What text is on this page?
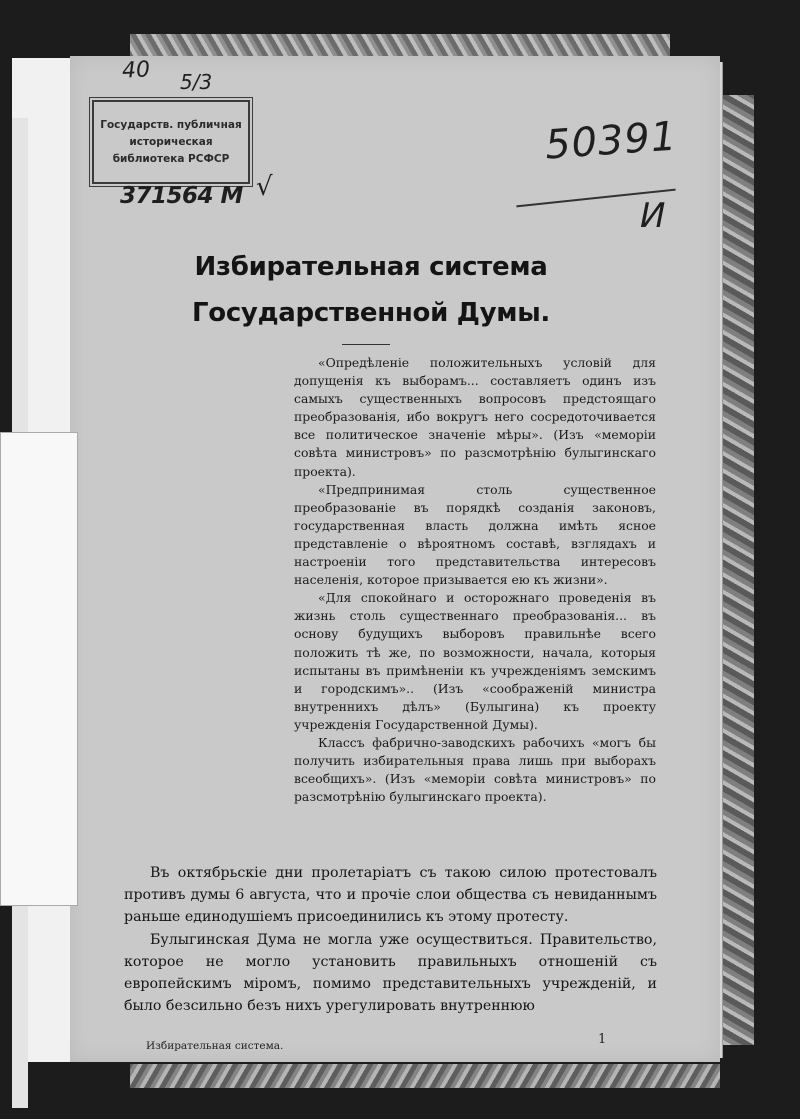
40 5/3
Государств. публичная
историческая
библиотека РСФСР	50391
И
371564 М √
Избирательная система Государственной Думы.

«Опредѣленіе положительныхъ условій для допущенія къ выборамъ... составляетъ одинъ изъ самыхъ существенныхъ вопросовъ предстоящаго преобразованія, ибо вокругъ него сосредоточивается все политическое значеніе мѣры». (Изъ «меморіи совѣта министровъ» по разсмотрѣнію булыгинскаго проекта).

«Предпринимая столь существенное преобразованіе въ порядкѣ созданія законовъ, государственная власть должна имѣть ясное представленіе о вѣроятномъ составѣ, взглядахъ и настроеніи того представительства интересовъ населенія, которое призывается ею къ жизни».

«Для спокойнаго и осторожнаго проведенія въ жизнь столь существеннаго преобразованія... въ основу будущихъ выборовъ правильнѣе всего положить тѣ же, по возможности, начала, которыя испытаны въ примѣненіи къ учрежденіямъ земскимъ и городскимъ».. (Изъ «соображеній министра внутреннихъ дѣлъ» (Булыгина) къ проекту учрежденія Государственной Думы).

Классъ фабрично-заводскихъ рабочихъ «могъ бы получить избирательныя права лишь при выборахъ всеобщихъ». (Изъ «меморіи совѣта министровъ» по разсмотрѣнію булыгинскаго проекта).

Въ октябрьскіе дни пролетаріатъ съ такою силою протестовалъ противъ думы 6 августа, что и прочіе слои общества съ невиданнымъ раньше единодушіемъ присоединились къ этому протесту.

Булыгинская Дума не могла уже осуществиться. Правительство, которое не могло установить правильныхъ отношеній съ европейскимъ міромъ, помимо представительныхъ учрежденій, и было безсильно безъ нихъ урегулировать внутреннюю

Избирательная система.	1
